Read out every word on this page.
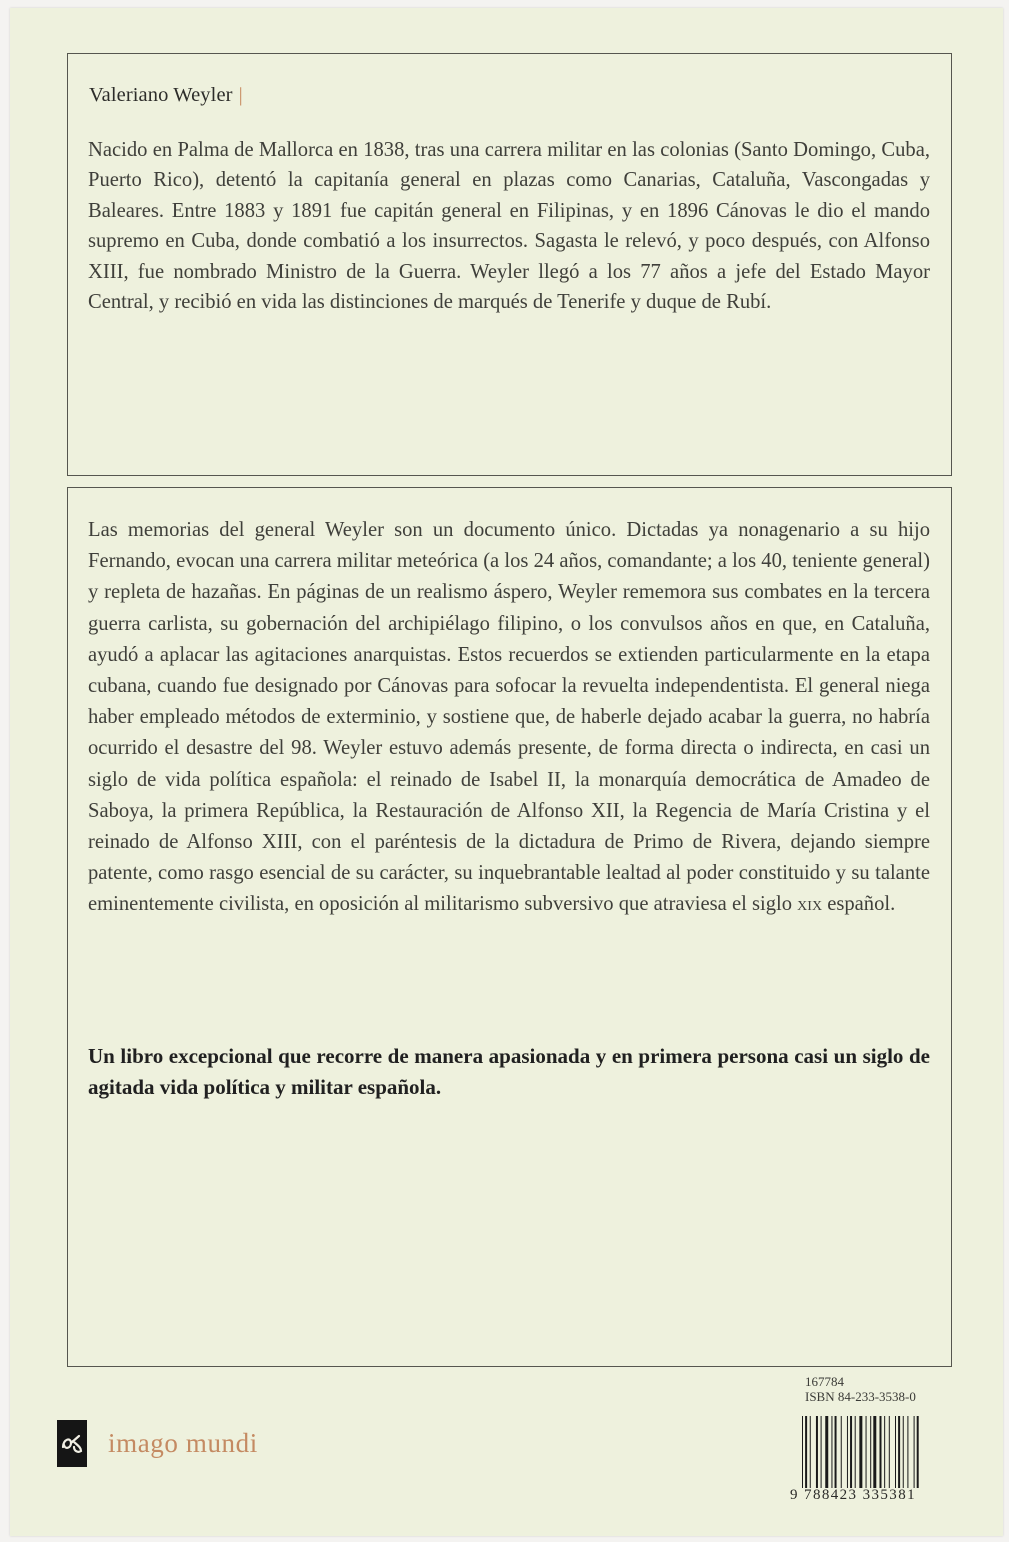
Valeriano Weyler |

Nacido en Palma de Mallorca en 1838, tras una carrera militar en las colonias (Santo Domingo, Cuba, Puerto Rico), detentó la capitanía general en plazas como Canarias, Cataluña, Vascongadas y Baleares. Entre 1883 y 1891 fue capitán general en Filipinas, y en 1896 Cánovas le dio el mando supremo en Cuba, donde combatió a los insurrectos. Sagasta le relevó, y poco después, con Alfonso XIII, fue nombrado Ministro de la Guerra. Weyler llegó a los 77 años a jefe del Estado Mayor Central, y recibió en vida las distinciones de marqués de Tenerife y duque de Rubí.

Las memorias del general Weyler son un documento único. Dictadas ya nonagenario a su hijo Fernando, evocan una carrera militar meteórica (a los 24 años, comandante; a los 40, teniente general) y repleta de hazañas. En páginas de un realismo áspero, Weyler rememora sus combates en la tercera guerra carlista, su gobernación del archipiélago filipino, o los convulsos años en que, en Cataluña, ayudó a aplacar las agitaciones anarquistas. Estos recuerdos se extienden particularmente en la etapa cubana, cuando fue designado por Cánovas para sofocar la revuelta independentista. El general niega haber empleado métodos de exterminio, y sostiene que, de haberle dejado acabar la guerra, no habría ocurrido el desastre del 98. Weyler estuvo además presente, de forma directa o indirecta, en casi un siglo de vida política española: el reinado de Isabel II, la monarquía democrática de Amadeo de Saboya, la primera República, la Restauración de Alfonso XII, la Regencia de María Cristina y el reinado de Alfonso XIII, con el paréntesis de la dictadura de Primo de Rivera, dejando siempre patente, como rasgo esencial de su carácter, su inquebrantable lealtad al poder constituido y su talante eminentemente civilista, en oposición al militarismo subversivo que atraviesa el siglo xix español.

Un libro excepcional que recorre de manera apasionada y en primera persona casi un siglo de agitada vida política y militar española.

imago mundi
167784
ISBN 84-233-3538-0
9 788423 335381
